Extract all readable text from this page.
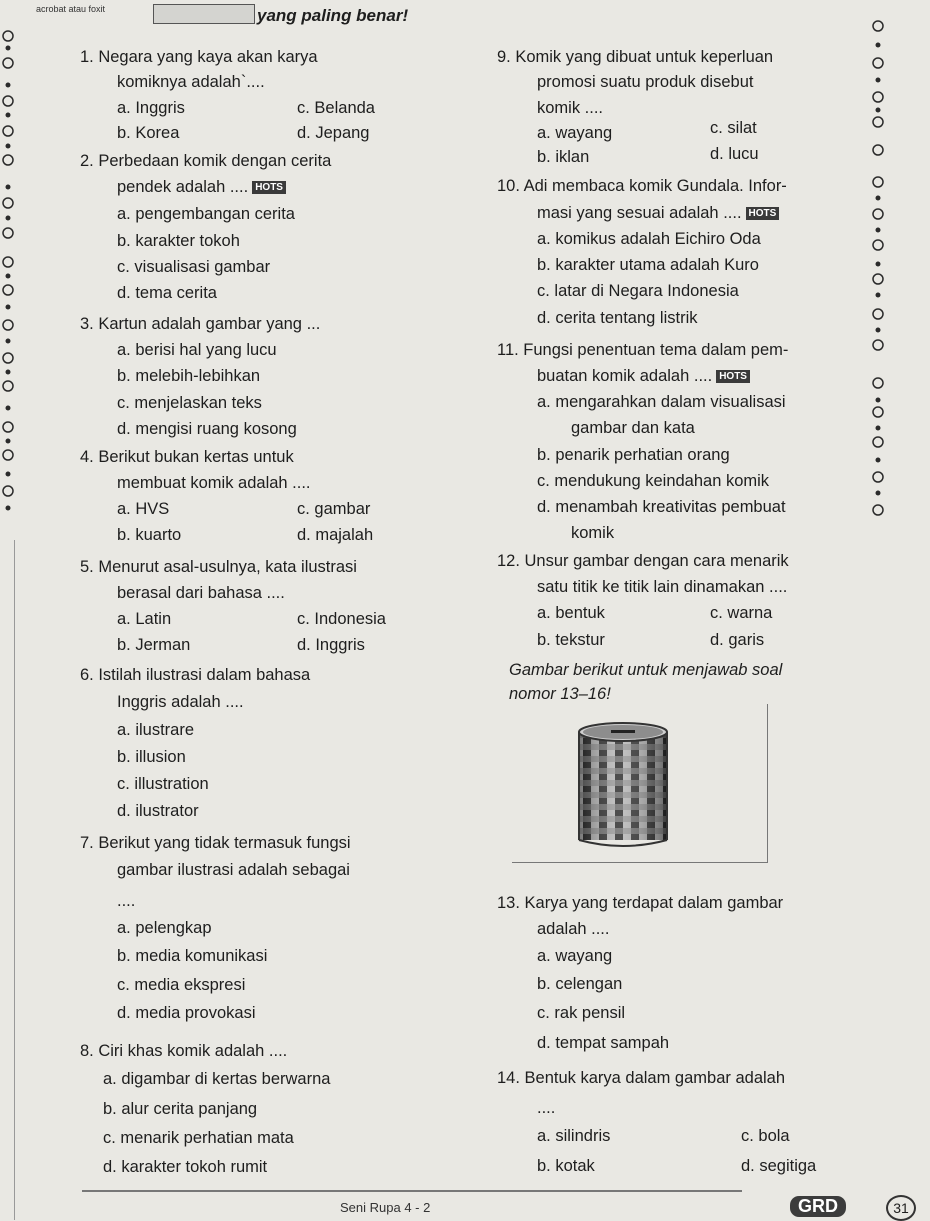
acrobat atau foxit	yang paling benar!
1. Negara yang kaya akan karya
komiknya adalah`....
a. Inggris	c. Belanda
b. Korea	d. Jepang
2. Perbedaan komik dengan cerita
pendek adalah .... HOTS
a. pengembangan cerita
b. karakter tokoh
c. visualisasi gambar
d. tema cerita
3. Kartun adalah gambar yang ...
a. berisi hal yang lucu
b. melebih-lebihkan
c. menjelaskan teks
d. mengisi ruang kosong
4. Berikut bukan kertas untuk
membuat komik adalah ....
a. HVS	c. gambar
b. kuarto	d. majalah
5. Menurut asal-usulnya, kata ilustrasi
berasal dari bahasa ....
a. Latin	c. Indonesia
b. Jerman	d. Inggris
6. Istilah ilustrasi dalam bahasa
Inggris adalah ....
a. ilustrare
b. illusion
c. illustration
d. ilustrator
7. Berikut yang tidak termasuk fungsi
gambar ilustrasi adalah sebagai
....
a. pelengkap
b. media komunikasi
c. media ekspresi
d. media provokasi
8. Ciri khas komik adalah ....
a. digambar di kertas berwarna
b. alur cerita panjang
c. menarik perhatian mata
d. karakter tokoh rumit
9. Komik yang dibuat untuk keperluan
promosi suatu produk disebut
komik ....
a. wayang	c. silat
b. iklan	d. lucu
10. Adi membaca komik Gundala. Infor-
masi yang sesuai adalah .... HOTS
a. komikus adalah Eichiro Oda
b. karakter utama adalah Kuro
c. latar di Negara Indonesia
d. cerita tentang listrik
11. Fungsi penentuan tema dalam pem-
buatan komik adalah .... HOTS
a. mengarahkan dalam visualisasi
gambar dan kata
b. penarik perhatian orang
c. mendukung keindahan komik
d. menambah kreativitas pembuat
komik
12. Unsur gambar dengan cara menarik
satu titik ke titik lain dinamakan ....
a. bentuk	c. warna
b. tekstur	d. garis
Gambar berikut untuk menjawab soal
nomor 13–16!
13. Karya yang terdapat dalam gambar
adalah ....
a. wayang
b. celengan
c. rak pensil
d. tempat sampah
14. Bentuk karya dalam gambar adalah
....
a. silindris	c. bola
b. kotak	d. segitiga
Seni Rupa 4 - 2	GRD	31
